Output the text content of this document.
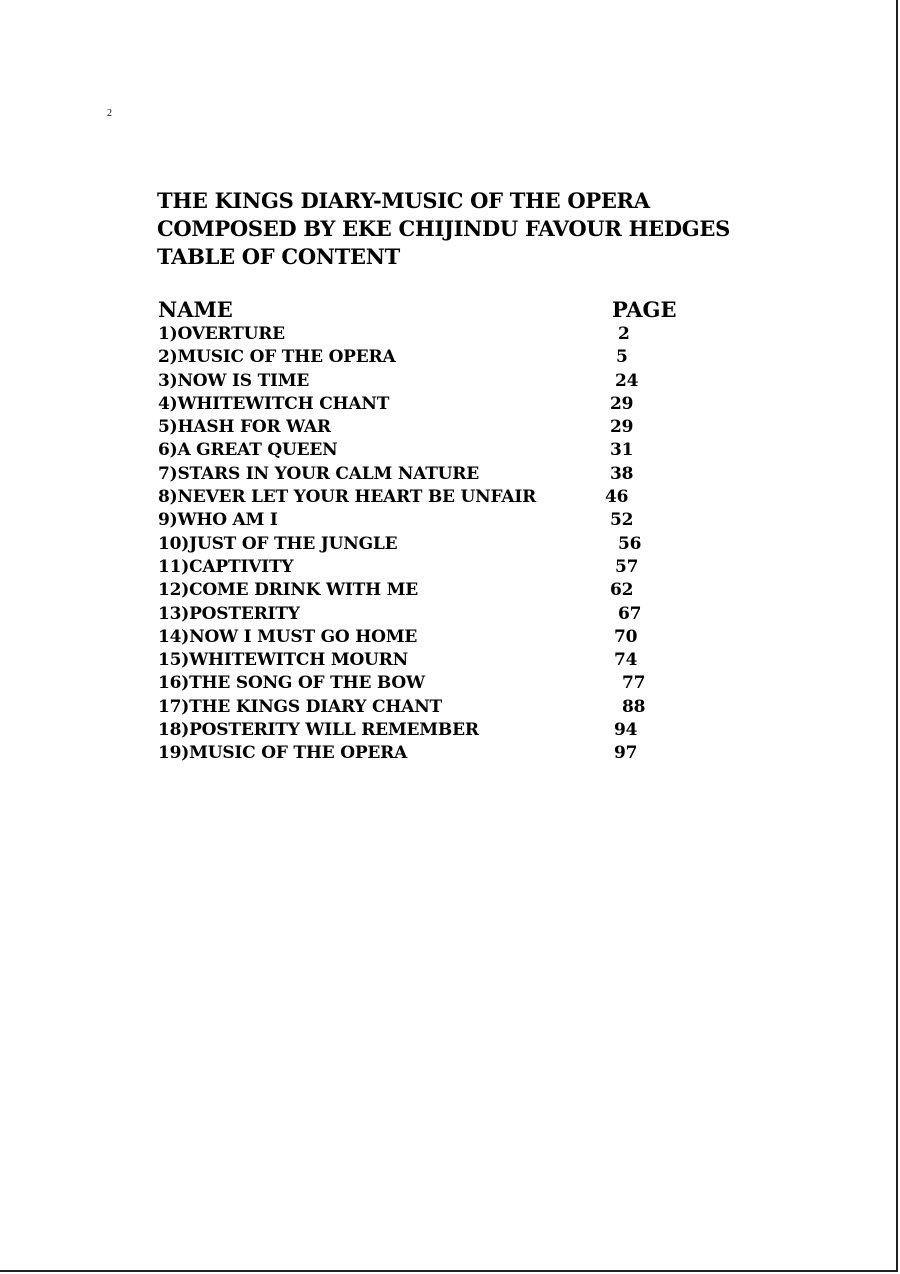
2
THE KINGS DIARY-MUSIC OF THE OPERA
COMPOSED BY EKE CHIJINDU FAVOUR HEDGES
TABLE OF CONTENT
NAME	PAGE
1)OVERTURE	2
2)MUSIC OF THE OPERA	5
3)NOW IS TIME	24
4)WHITEWITCH CHANT	29
5)HASH FOR WAR	29
6)A GREAT QUEEN	31
7)STARS IN YOUR CALM NATURE	38
8)NEVER LET YOUR HEART BE UNFAIR	46
9)WHO AM I	52
10)JUST OF THE JUNGLE	56
11)CAPTIVITY	57
12)COME DRINK WITH ME	62
13)POSTERITY	67
14)NOW I MUST GO HOME	70
15)WHITEWITCH MOURN	74
16)THE SONG OF THE BOW	77
17)THE KINGS DIARY CHANT	88
18)POSTERITY WILL REMEMBER	94
19)MUSIC OF THE OPERA	97
